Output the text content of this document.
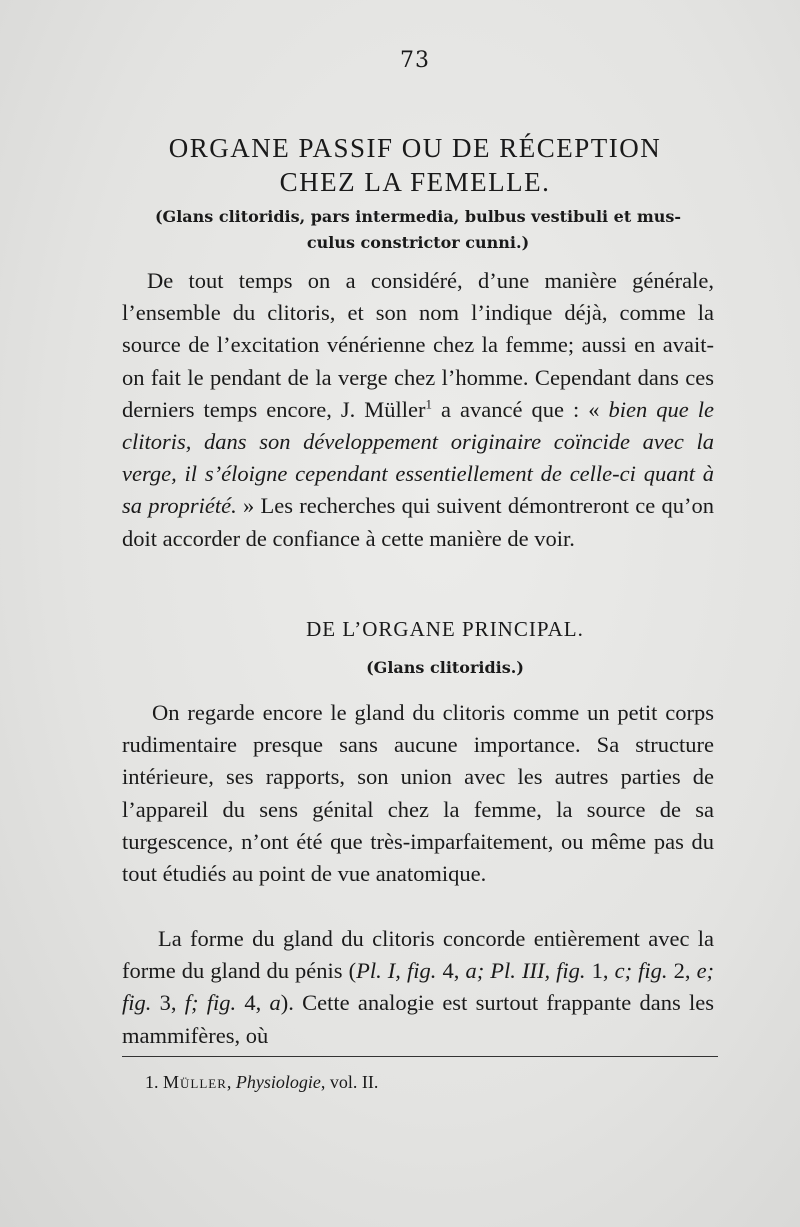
73
ORGANE PASSIF OU DE RÉCEPTION
CHEZ LA FEMELLE.
(Glans clitoridis, pars intermedia, bulbus vestibuli et mus-
culus constrictor cunni.)

De tout temps on a considéré, d’une manière générale, l’ensemble du clitoris, et son nom l’indique déjà, comme la source de l’excitation vénérienne chez la femme; aussi en avait-on fait le pendant de la verge chez l’homme. Cependant dans ces derniers temps encore, J. Müller$^1$ a avancé que : « bien que le clitoris, dans son développement originaire coïncide avec la verge, il s’éloigne cependant essentiellement de celle-ci quant à sa propriété. » Les recherches qui suivent démontreront ce qu’on doit accorder de confiance à cette manière de voir.

DE L’ORGANE PRINCIPAL.
(Glans clitoridis.)

On regarde encore le gland du clitoris comme un petit corps rudimentaire presque sans aucune importance. Sa structure intérieure, ses rapports, son union avec les autres parties de l’appareil du sens génital chez la femme, la source de sa turgescence, n’ont été que très-imparfaitement, ou même pas du tout étudiés au point de vue anatomique.

La forme du gland du clitoris concorde entièrement avec la forme du gland du pénis (Pl. I, fig. 4, a; Pl. III, fig. 1, c; fig. 2, e; fig. 3, f; fig. 4, a). Cette analogie est surtout frappante dans les mammifères, où

1. Müller, Physiologie, vol. II.
